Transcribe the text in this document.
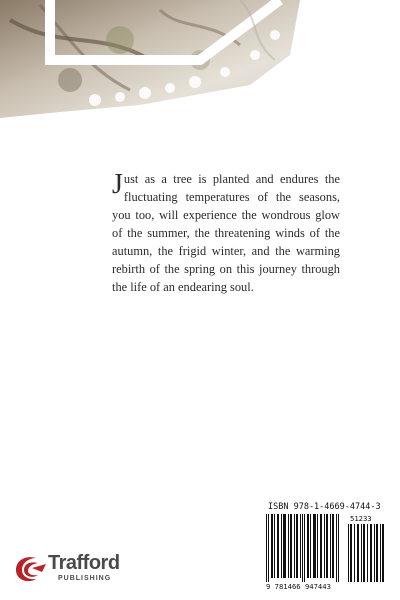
Just as a tree is planted and endures the fluctuating temperatures of the seasons, you too, will experience the wondrous glow of the summer, the threatening winds of the autumn, the frigid winter, and the warming rebirth of the spring on this journey through the life of an endearing soul.

Trafford
PUBLISHING
ISBN 978-1-4669-4744-3
51233
9 781466 947443
